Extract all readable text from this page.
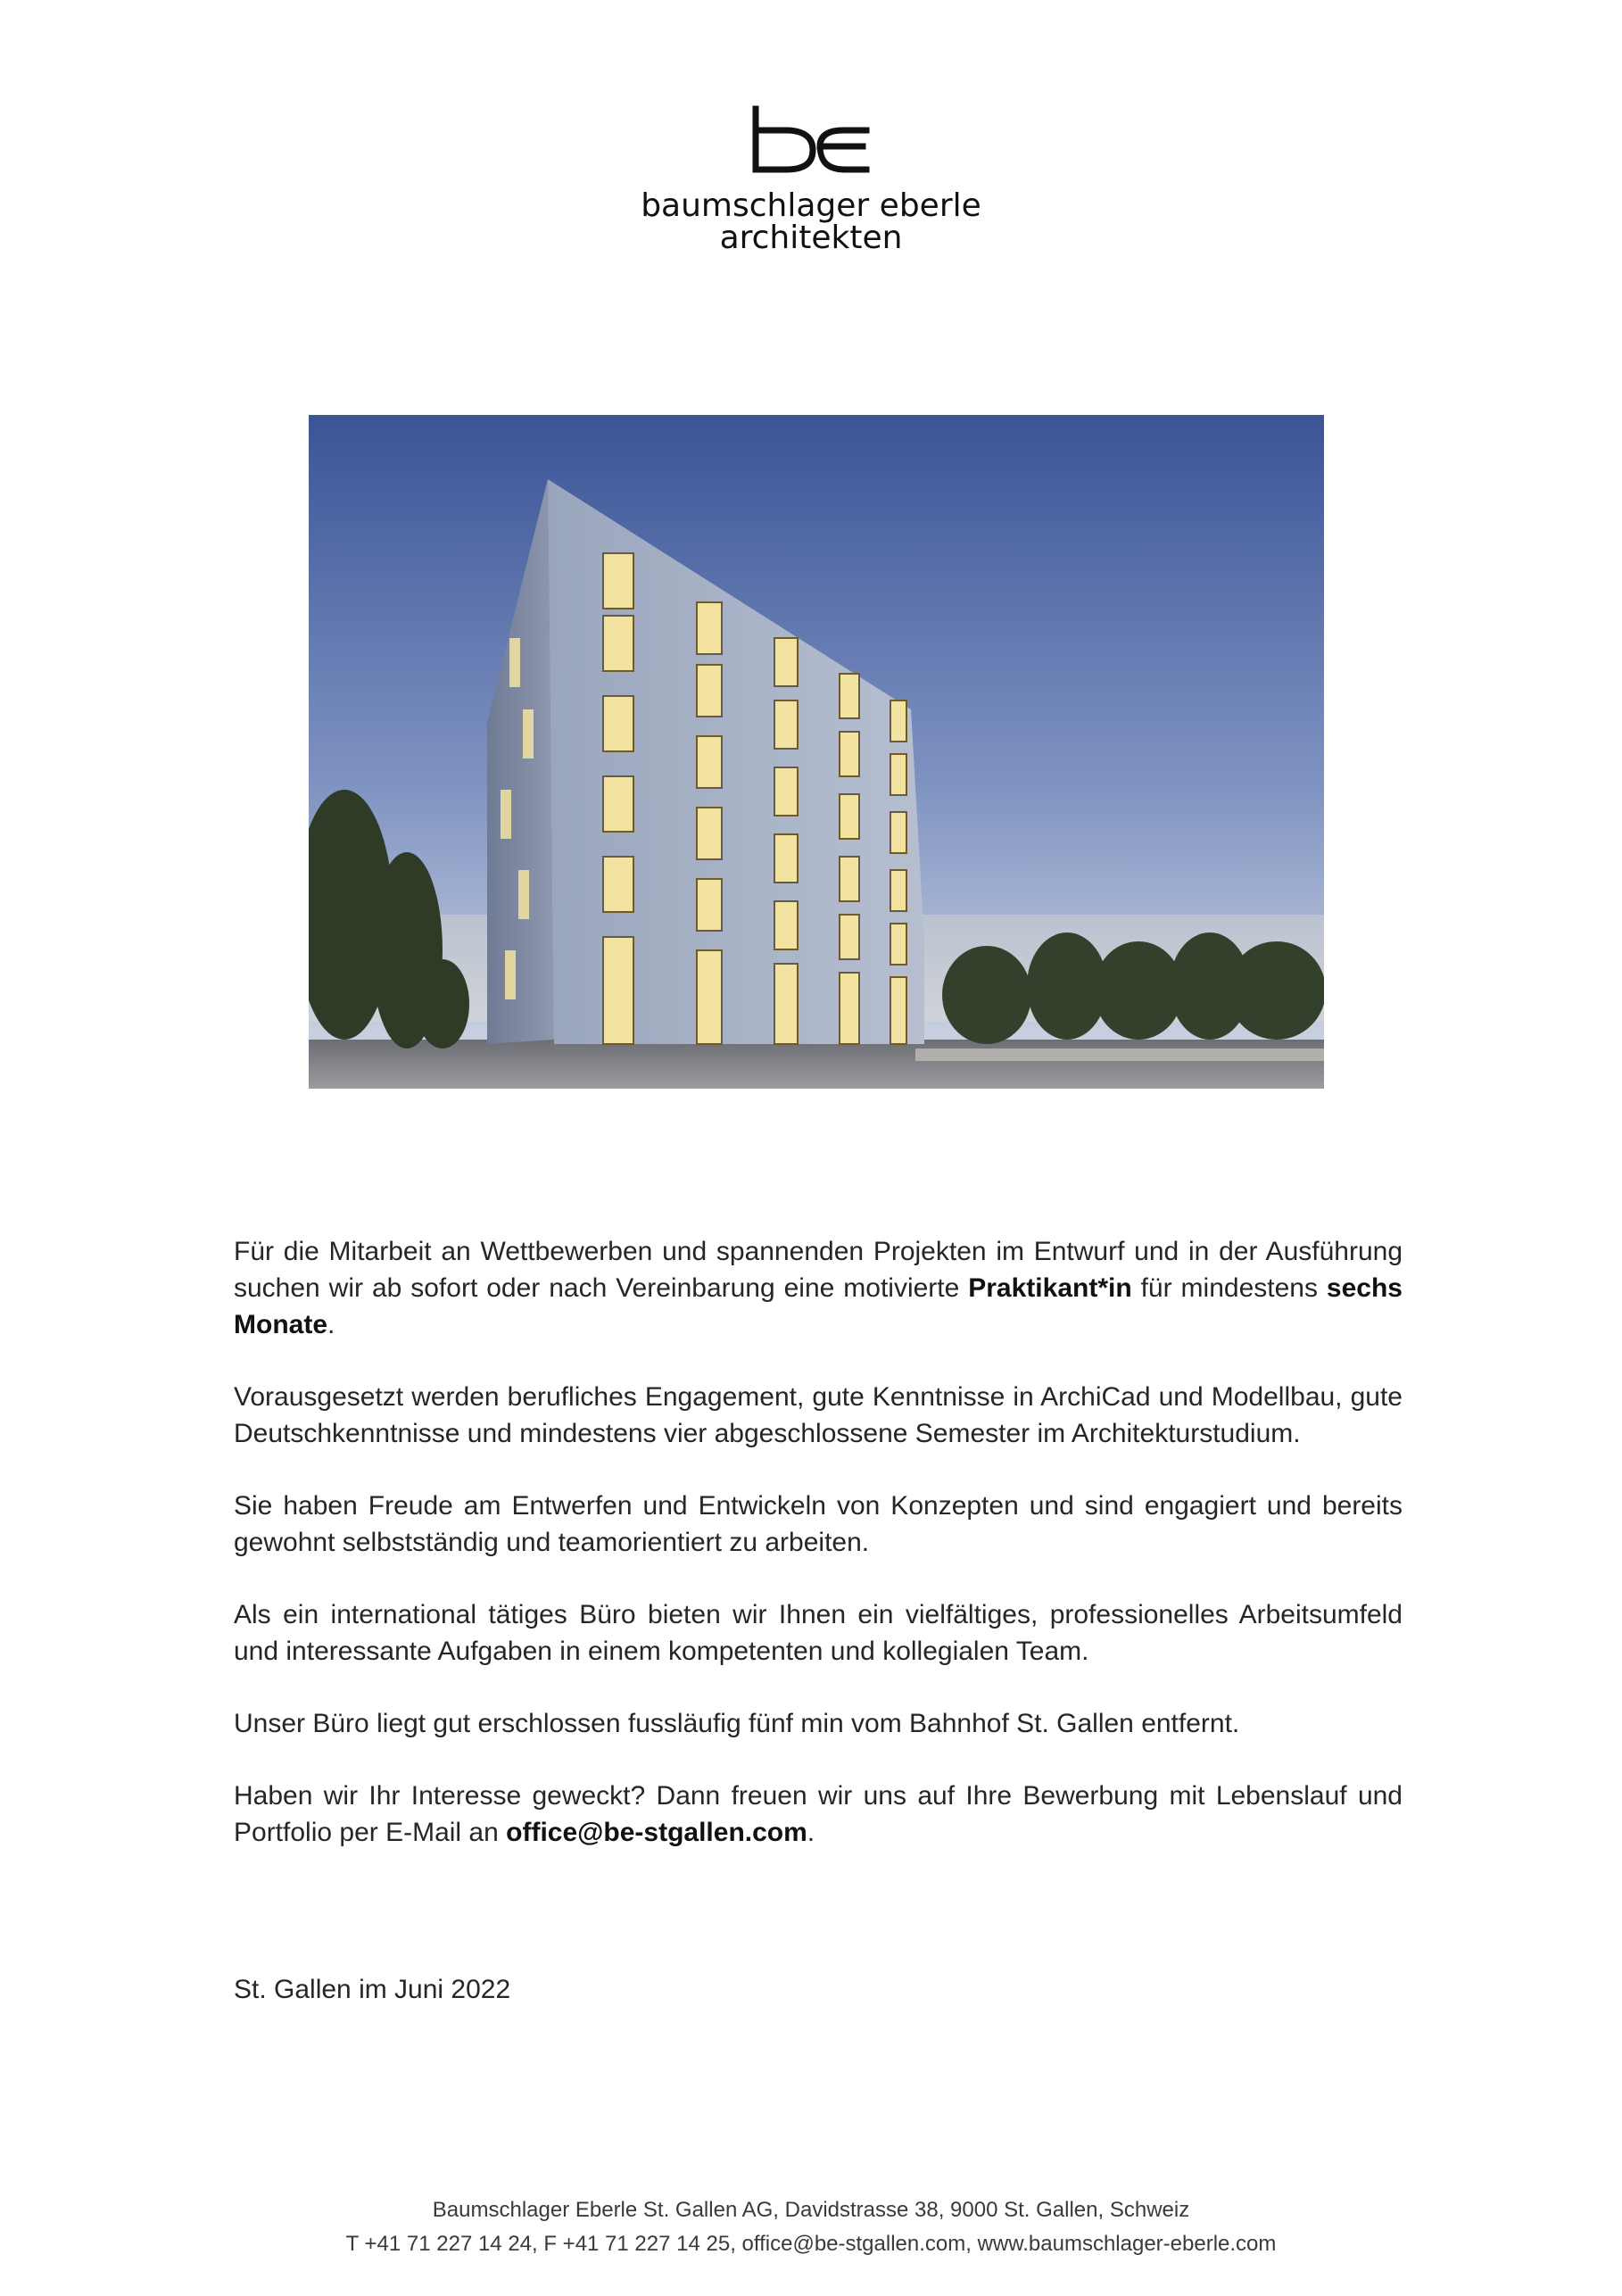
baumschlager eberle
architekten

Für die Mitarbeit an Wettbewerben und spannenden Projekten im Entwurf und in der Ausführung suchen wir ab sofort oder nach Vereinbarung eine motivierte Praktikant*in für mindestens sechs Monate.

Vorausgesetzt werden berufliches Engagement, gute Kenntnisse in ArchiCad und Modellbau, gute Deutschkenntnisse und mindestens vier abgeschlossene Semester im Architekturstudium.

Sie haben Freude am Entwerfen und Entwickeln von Konzepten und sind engagiert und bereits gewohnt selbstständig und teamorientiert zu arbeiten.

Als ein international tätiges Büro bieten wir Ihnen ein vielfältiges, professionelles Arbeitsumfeld und interessante Aufgaben in einem kompetenten und kollegialen Team.

Unser Büro liegt gut erschlossen fussläufig fünf min vom Bahnhof St. Gallen entfernt.

Haben wir Ihr Interesse geweckt? Dann freuen wir uns auf Ihre Bewerbung mit Lebenslauf und Portfolio per E-Mail an office@be-stgallen.com.

St. Gallen im Juni 2022
Baumschlager Eberle St. Gallen AG, Davidstrasse 38, 9000 St. Gallen, Schweiz
T +41 71 227 14 24, F +41 71 227 14 25, office@be-stgallen.com, www.baumschlager-eberle.com
